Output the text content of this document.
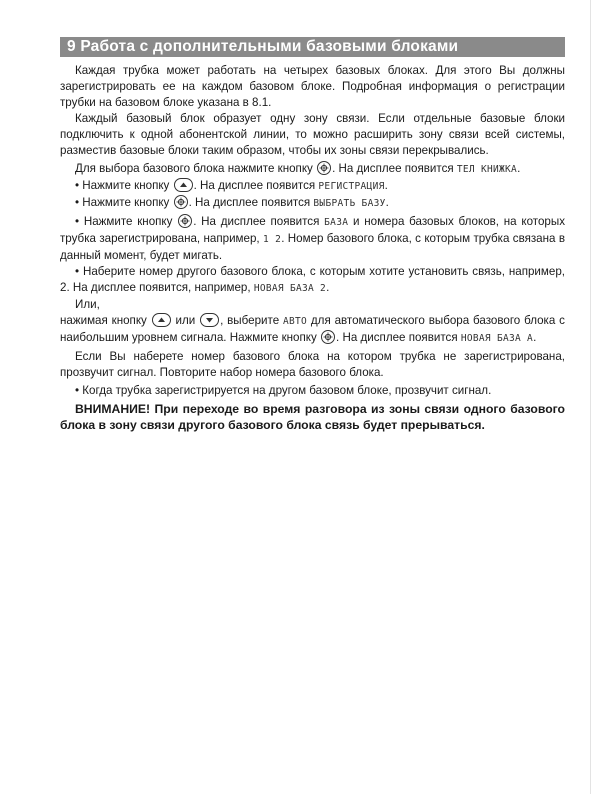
9 Работа с дополнительными базовыми блоками

Каждая трубка может работать на четырех базовых блоках. Для этого Вы должны зарегистрировать ее на каждом базовом блоке. Подробная информация о регистрации трубки на базовом блоке указана в 8.1.

Каждый базовый блок образует одну зону связи. Если отдельные базовые блоки подключить к одной абонентской линии, то можно расширить зону связи всей системы, разместив базовые блоки таким образом, чтобы их зоны связи перекрывались.

Для выбора базового блока нажмите кнопку . На дисплее появится ТЕЛ КНИЖКА.

• Нажмите кнопку . На дисплее появится РЕГИСТРАЦИЯ.

• Нажмите кнопку . На дисплее появится ВЫБРАТЬ БАЗУ.

• Нажмите кнопку . На дисплее появится БАЗА и номера базовых блоков, на которых трубка зарегистрирована, например, 1 2. Номер базового блока, с которым трубка связана в данный момент, будет мигать.

• Наберите номер другого базового блока, с которым хотите установить связь, например, 2. На дисплее появится, например, НОВАЯ БАЗА 2.

Или,

нажимая кнопку или , выберите АВТО для автоматического выбора базового блока с наибольшим уровнем сигнала. Нажмите кнопку . На дисплее появится НОВАЯ БАЗА А.

Если Вы наберете номер базового блока на котором трубка не зарегистрирована, прозвучит сигнал. Повторите набор номера базового блока.

• Когда трубка зарегистрируется на другом базовом блоке, прозвучит сигнал.

ВНИМАНИЕ! При переходе во время разговора из зоны связи одного базового блока в зону связи другого базового блока связь будет прерываться.
